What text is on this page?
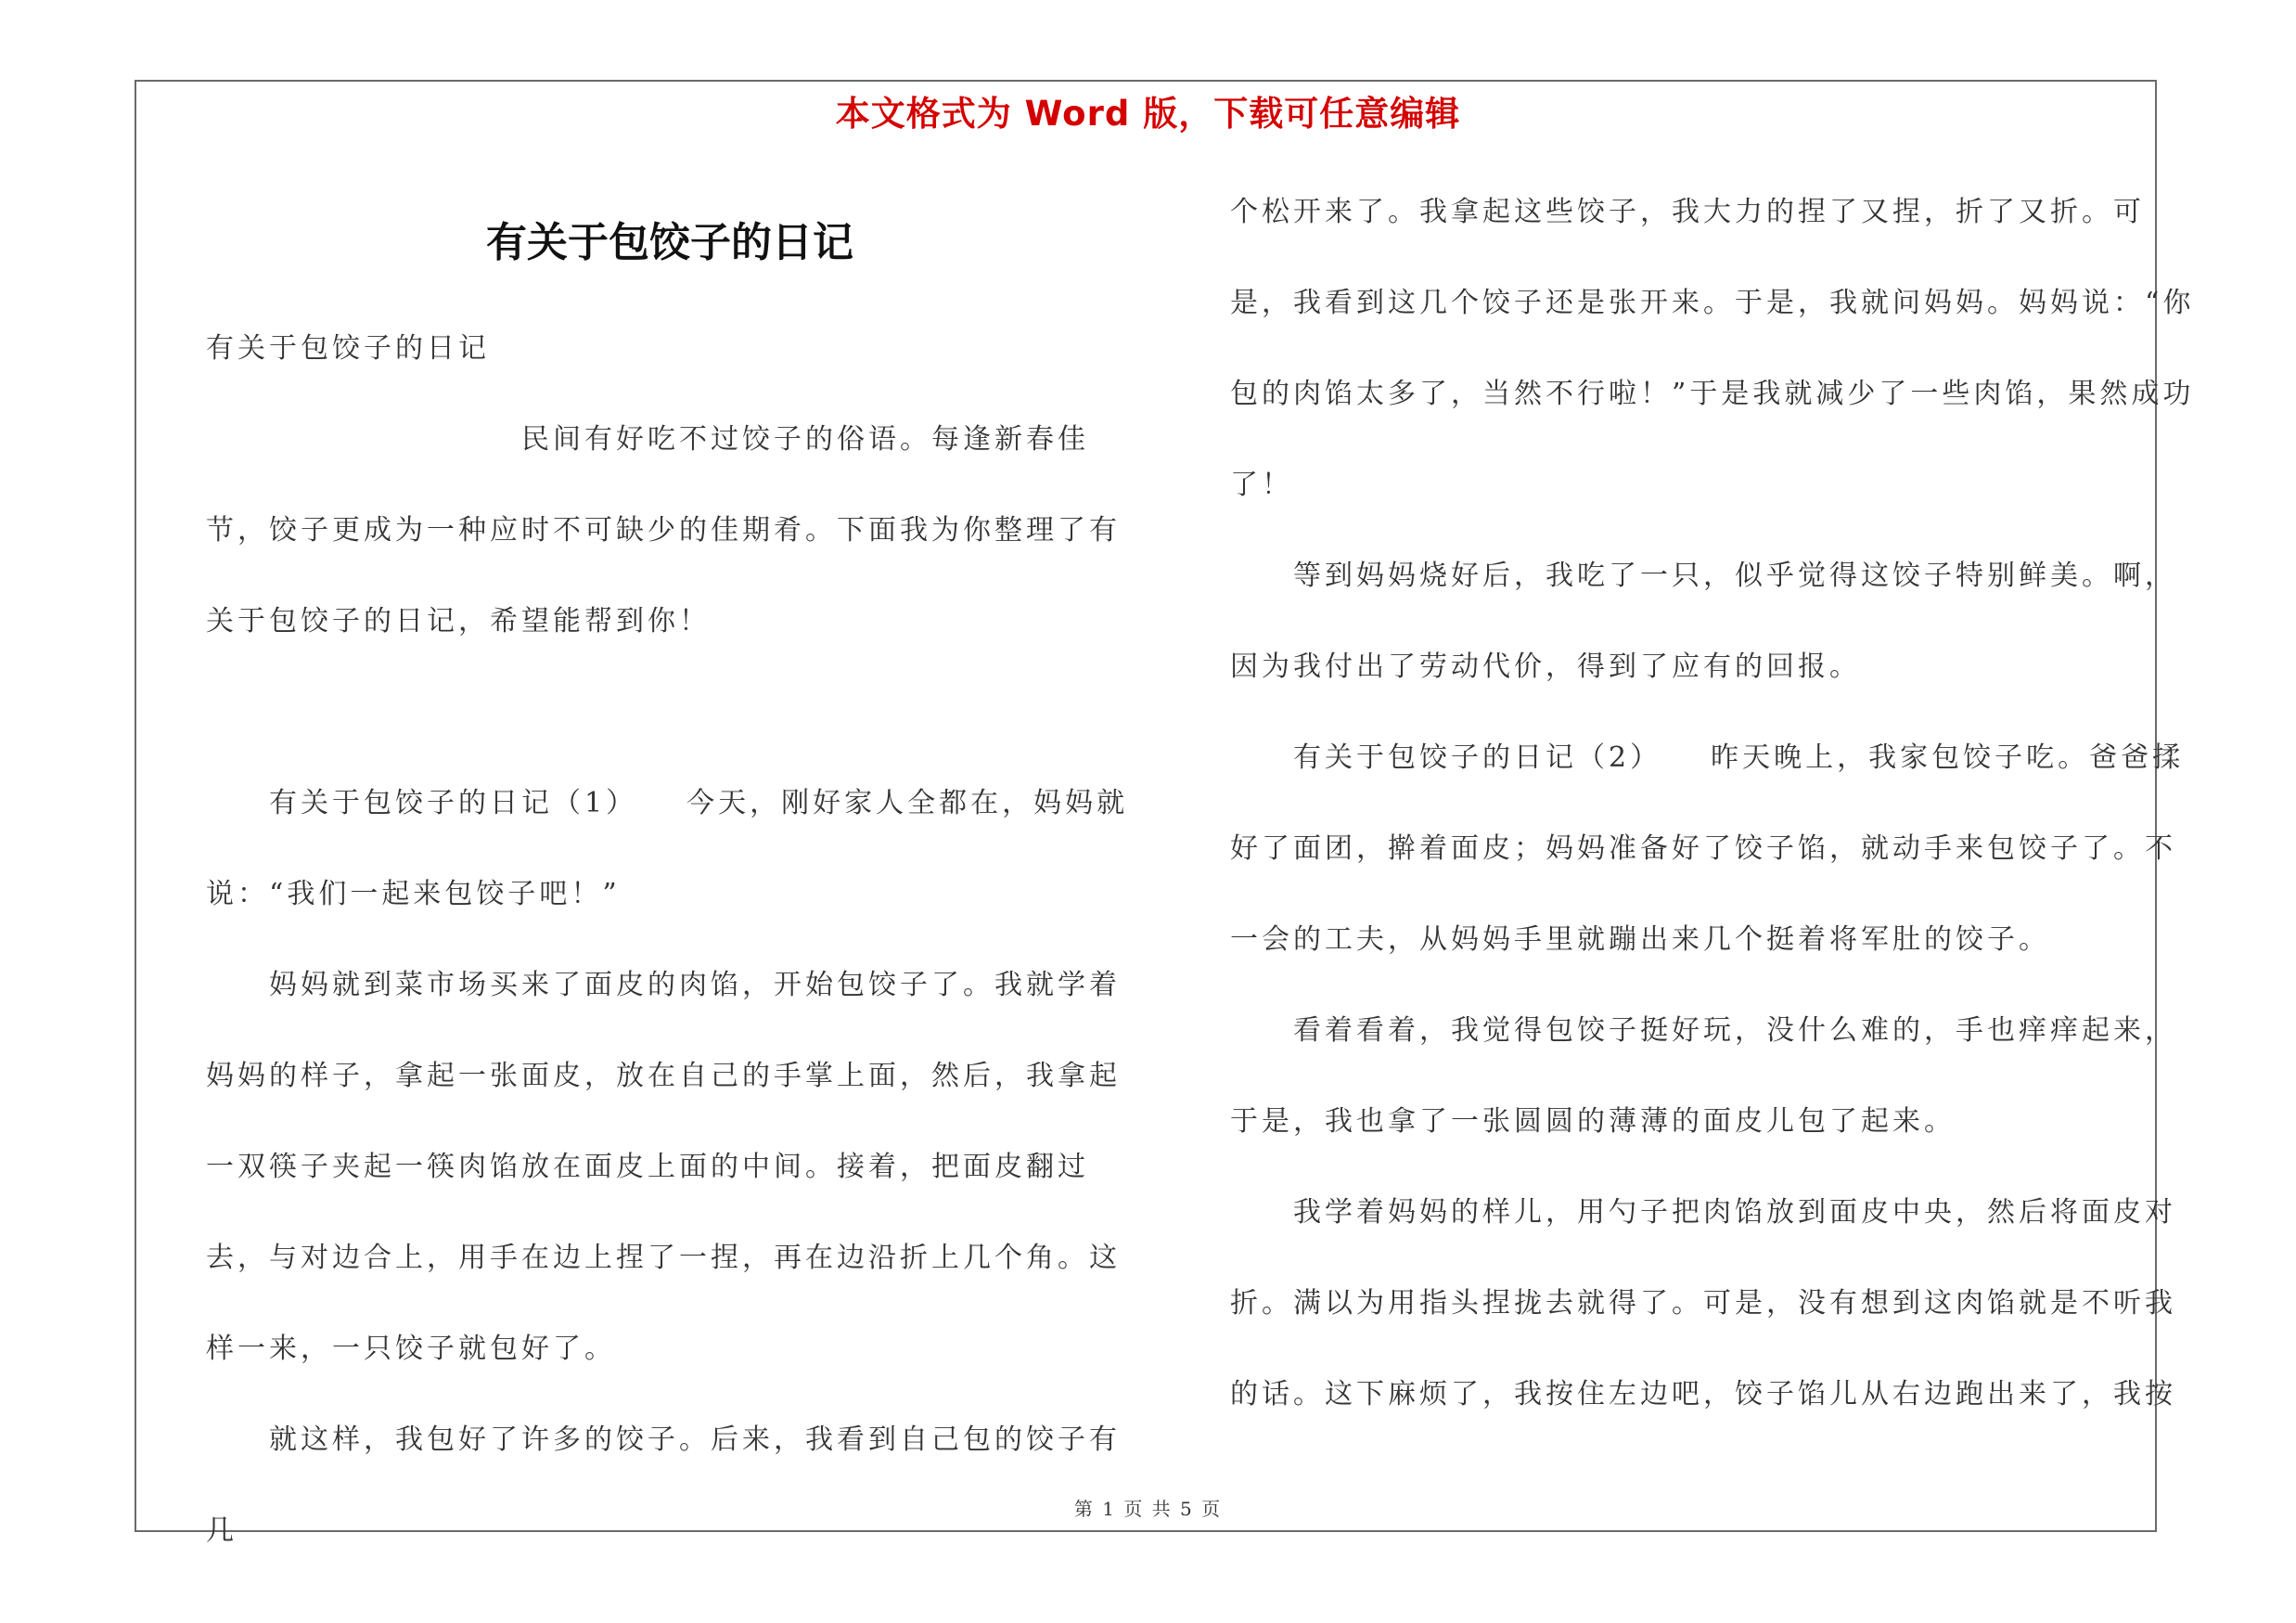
本文格式为 Word 版，下载可任意编辑
有关于包饺子的日记

有关于包饺子的日记

民间有好吃不过饺子的俗语。每逢新春佳节，饺子更成为一种应时不可缺少的佳期肴。下面我为你整理了有关于包饺子的日记，希望能帮到你！

有关于包饺子的日记（1）　　今天，刚好家人全都在，妈妈就说：“我们一起来包饺子吧！”

妈妈就到菜市场买来了面皮的肉馅，开始包饺子了。我就学着妈妈的样子，拿起一张面皮，放在自己的手掌上面，然后，我拿起一双筷子夹起一筷肉馅放在面皮上面的中间。接着，把面皮翻过去，与对边合上，用手在边上捏了一捏，再在边沿折上几个角。这样一来，一只饺子就包好了。

就这样，我包好了许多的饺子。后来，我看到自己包的饺子有几

个松开来了。我拿起这些饺子，我大力的捏了又捏，折了又折。可是，我看到这几个饺子还是张开来。于是，我就问妈妈。妈妈说：“你包的肉馅太多了，当然不行啦！”于是我就减少了一些肉馅，果然成功了！

等到妈妈烧好后，我吃了一只，似乎觉得这饺子特别鲜美。啊，因为我付出了劳动代价，得到了应有的回报。

有关于包饺子的日记（2）　　昨天晚上，我家包饺子吃。爸爸揉好了面团，擀着面皮；妈妈准备好了饺子馅，就动手来包饺子了。不一会的工夫，从妈妈手里就蹦出来几个挺着将军肚的饺子。

看着看着，我觉得包饺子挺好玩，没什么难的，手也痒痒起来，于是，我也拿了一张圆圆的薄薄的面皮儿包了起来。

我学着妈妈的样儿，用勺子把肉馅放到面皮中央，然后将面皮对折。满以为用指头捏拢去就得了。可是，没有想到这肉馅就是不听我的话。这下麻烦了，我按住左边吧，饺子馅儿从右边跑出来了，我按

第 1 页 共 5 页
